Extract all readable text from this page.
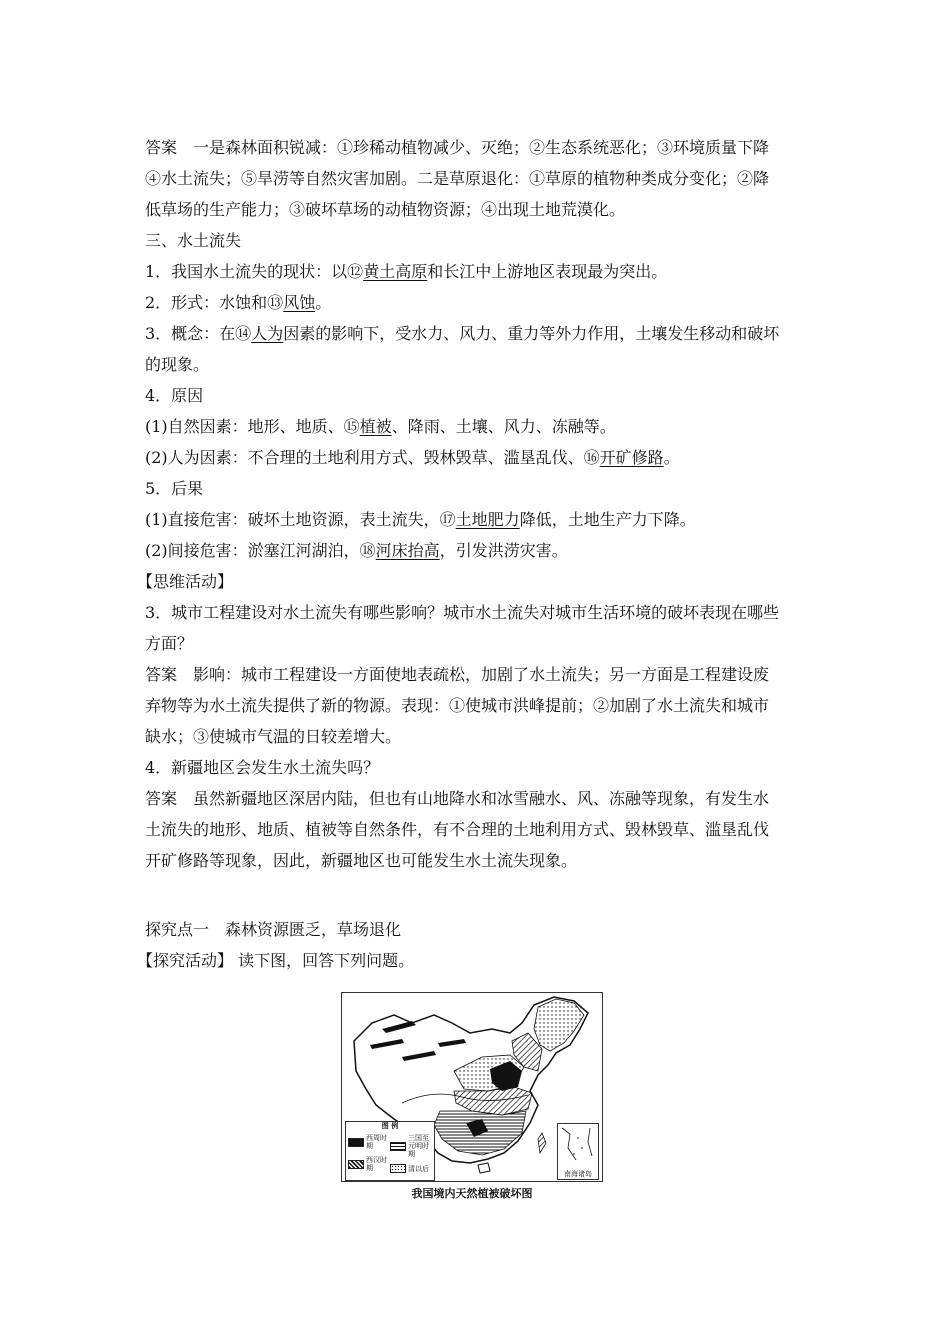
答案　 一是森林面积锐减：①珍稀动植物减少、灭绝；②生态系统恶化；③环境质量下降
④水土流失；⑤旱涝等自然灾害加剧。二是草原退化：①草原的植物种类成分变化；②降
低草场的生产能力；③破坏草场的动植物资源；④出现土地荒漠化。
三、水土流失
1．我国水土流失的现状：以⑫黄土高原和长江中上游地区表现最为突出。
2．形式：水蚀和⑬风蚀。
3．概念：在⑭人为因素的影响下，受水力、风力、重力等外力作用，土壤发生移动和破坏
的现象。
4．原因
(1)自然因素：地形、地质、⑮植被、降雨、土壤、风力、冻融等。
(2)人为因素：不合理的土地利用方式、毁林毁草、滥垦乱伐、⑯开矿修路。
5．后果
(1)直接危害：破坏土地资源，表土流失，⑰土地肥力降低，土地生产力下降。
(2)间接危害：淤塞江河湖泊，⑱河床抬高，引发洪涝灾害。
【思维活动】
3．城市工程建设对水土流失有哪些影响？城市水土流失对城市生活环境的破坏表现在哪些
方面？
答案　 影响：城市工程建设一方面使地表疏松，加剧了水土流失；另一方面是工程建设废
弃物等为水土流失提供了新的物源。表现：①使城市洪峰提前；②加剧了水土流失和城市
缺水；③使城市气温的日较差增大。
4．新疆地区会发生水土流失吗？
答案　 虽然新疆地区深居内陆，但也有山地降水和冰雪融水、风、冻融等现象，有发生水
土流失的地形、地质、植被等自然条件，有不合理的土地利用方式、毁林毁草、滥垦乱伐
开矿修路等现象，因此，新疆地区也可能发生水土流失现象。
探究点一　森林资源匮乏，草场退化
【探究活动】 读下图，回答下列问题。
图 例
西周时期
西汉时期
三国至元明时期
清以后
南海诸岛
我国境内天然植被破坏图
